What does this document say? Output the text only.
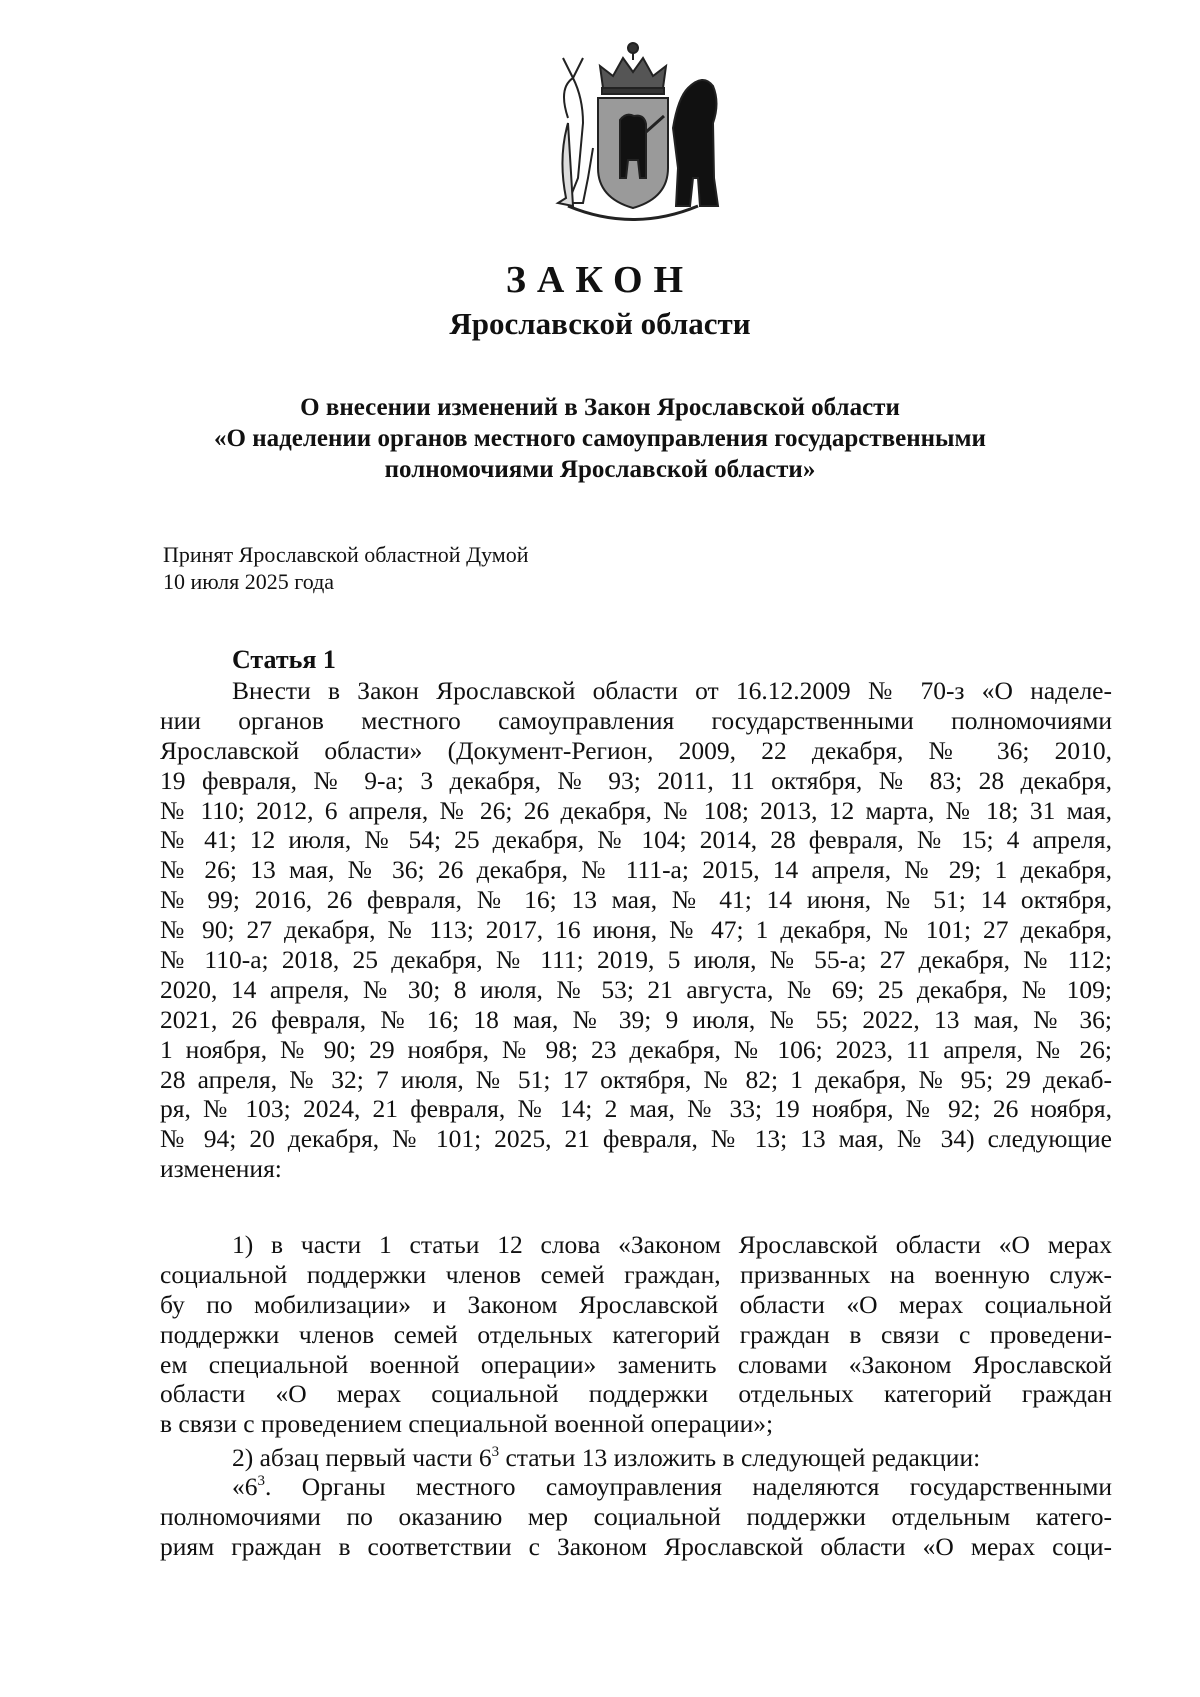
ЗАКОН
Ярославской области
О внесении изменений в Закон Ярославской области
«О наделении органов местного самоуправления государственными
полномочиями Ярославской области»
Принят Ярославской областной Думой
10 июля 2025 года
Статья 1
Внести в Закон Ярославской области от 16.12.2009 № 70-з «О наделе-
нии органов местного самоуправления государственными полномочиями
Ярославской области» (Документ-Регион, 2009, 22 декабря, № 36; 2010,
19 февраля, № 9-а; 3 декабря, № 93; 2011, 11 октября, № 83; 28 декабря,
№ 110; 2012, 6 апреля, № 26; 26 декабря, № 108; 2013, 12 марта, № 18; 31 мая,
№ 41; 12 июля, № 54; 25 декабря, № 104; 2014, 28 февраля, № 15; 4 апреля,
№ 26; 13 мая, № 36; 26 декабря, № 111-а; 2015, 14 апреля, № 29; 1 декабря,
№ 99; 2016, 26 февраля, № 16; 13 мая, № 41; 14 июня, № 51; 14 октября,
№ 90; 27 декабря, № 113; 2017, 16 июня, № 47; 1 декабря, № 101; 27 декабря,
№ 110-а; 2018, 25 декабря, № 111; 2019, 5 июля, № 55-а; 27 декабря, № 112;
2020, 14 апреля, № 30; 8 июля, № 53; 21 августа, № 69; 25 декабря, № 109;
2021, 26 февраля, № 16; 18 мая, № 39; 9 июля, № 55; 2022, 13 мая, № 36;
1 ноября, № 90; 29 ноября, № 98; 23 декабря, № 106; 2023, 11 апреля, № 26;
28 апреля, № 32; 7 июля, № 51; 17 октября, № 82; 1 декабря, № 95; 29 декаб-
ря, № 103; 2024, 21 февраля, № 14; 2 мая, № 33; 19 ноября, № 92; 26 ноября,
№ 94; 20 декабря, № 101; 2025, 21 февраля, № 13; 13 мая, № 34) следующие
изменения:
1) в части 1 статьи 12 слова «Законом Ярославской области «О мерах
социальной поддержки членов семей граждан, призванных на военную служ-
бу по мобилизации» и Законом Ярославской области «О мерах социальной
поддержки членов семей отдельных категорий граждан в связи с проведени-
ем специальной военной операции» заменить словами «Законом Ярославской
области «О мерах социальной поддержки отдельных категорий граждан
в связи с проведением специальной военной операции»;
2) абзац первый части $6^3$ статьи 13 изложить в следующей редакции:
«$6^3$. Органы местного самоуправления наделяются государственными
полномочиями по оказанию мер социальной поддержки отдельным катего-
риям граждан в соответствии с Законом Ярославской области «О мерах соци-
